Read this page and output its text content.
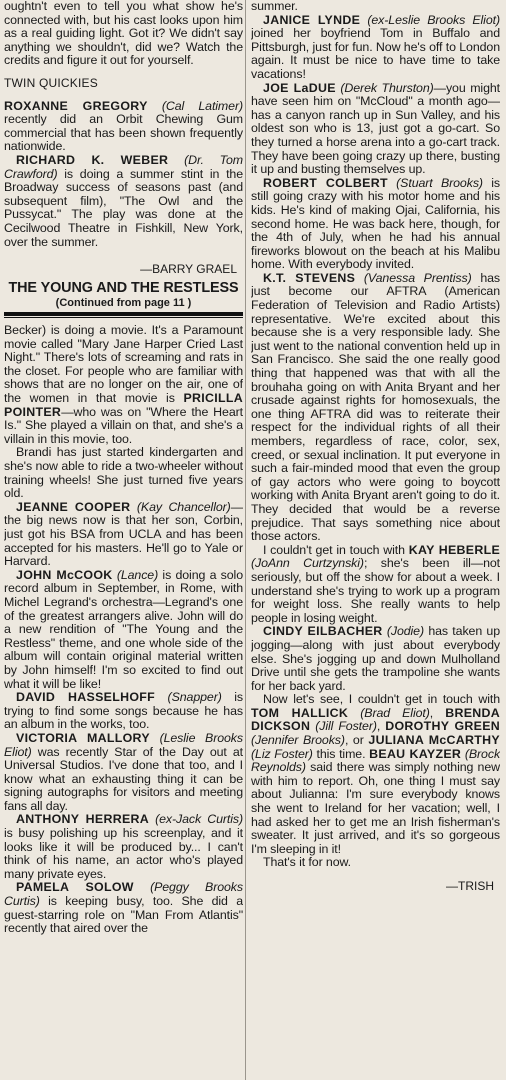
oughtn't even to tell you what show he's connected with, but his cast looks upon him as a real guiding light. Got it? We didn't say anything we shouldn't, did we? Watch the credits and figure it out for yourself.

TWIN QUICKIES

ROXANNE GREGORY (Cal Latimer) recently did an Orbit Chewing Gum commercial that has been shown frequently nationwide.

RICHARD K. WEBER (Dr. Tom Crawford) is doing a summer stint in the Broadway success of seasons past (and subsequent film), "The Owl and the Pussycat." The play was done at the Cecilwood Theatre in Fishkill, New York, over the summer.

—BARRY GRAEL

THE YOUNG AND THE RESTLESS
(Continued from page 11 )

Becker) is doing a movie. It's a Paramount movie called "Mary Jane Harper Cried Last Night." There's lots of screaming and rats in the closet. For people who are familiar with shows that are no longer on the air, one of the women in that movie is PRICILLA POINTER—who was on "Where the Heart Is." She played a villain on that, and she's a villain in this movie, too.

Brandi has just started kindergarten and she's now able to ride a two-wheeler without training wheels! She just turned five years old.

JEANNE COOPER (Kay Chancellor)—the big news now is that her son, Corbin, just got his BSA from UCLA and has been accepted for his masters. He'll go to Yale or Harvard.

JOHN McCOOK (Lance) is doing a solo record album in September, in Rome, with Michel Legrand's orchestra—Legrand's one of the greatest arrangers alive. John will do a new rendition of "The Young and the Restless" theme, and one whole side of the album will contain original material written by John himself! I'm so excited to find out what it will be like!

DAVID HASSELHOFF (Snapper) is trying to find some songs because he has an album in the works, too.

VICTORIA MALLORY (Leslie Brooks Eliot) was recently Star of the Day out at Universal Studios. I've done that too, and I know what an exhausting thing it can be signing autographs for visitors and meeting fans all day.

ANTHONY HERRERA (ex-Jack Curtis) is busy polishing up his screenplay, and it looks like it will be produced by... I can't think of his name, an actor who's played many private eyes.

PAMELA SOLOW (Peggy Brooks Curtis) is keeping busy, too. She did a guest-starring role on "Man From Atlantis" recently that aired over the

summer.

JANICE LYNDE (ex-Leslie Brooks Eliot) joined her boyfriend Tom in Buffalo and Pittsburgh, just for fun. Now he's off to London again. It must be nice to have time to take vacations!

JOE LaDUE (Derek Thurston)—you might have seen him on "McCloud" a month ago—has a canyon ranch up in Sun Valley, and his oldest son who is 13, just got a go-cart. So they turned a horse arena into a go-cart track. They have been going crazy up there, busting it up and busting themselves up.

ROBERT COLBERT (Stuart Brooks) is still going crazy with his motor home and his kids. He's kind of making Ojai, California, his second home. He was back here, though, for the 4th of July, when he had his annual fireworks blowout on the beach at his Malibu home. With everybody invited.

K.T. STEVENS (Vanessa Prentiss) has just become our AFTRA (American Federation of Television and Radio Artists) representative. We're excited about this because she is a very responsible lady. She just went to the national convention held up in San Francisco. She said the one really good thing that happened was that with all the brouhaha going on with Anita Bryant and her crusade against rights for homosexuals, the one thing AFTRA did was to reiterate their respect for the individual rights of all their members, regardless of race, color, sex, creed, or sexual inclination. It put everyone in such a fair-minded mood that even the group of gay actors who were going to boycott working with Anita Bryant aren't going to do it. They decided that would be a reverse prejudice. That says something nice about those actors.

I couldn't get in touch with KAY HEBERLE (JoAnn Curtzynski); she's been ill—not seriously, but off the show for about a week. I understand she's trying to work up a program for weight loss. She really wants to help people in losing weight.

CINDY EILBACHER (Jodie) has taken up jogging—along with just about everybody else. She's jogging up and down Mulholland Drive until she gets the trampoline she wants for her back yard.

Now let's see, I couldn't get in touch with TOM HALLICK (Brad Eliot), BRENDA DICKSON (Jill Foster), DOROTHY GREEN (Jennifer Brooks), or JULIANA McCARTHY (Liz Foster) this time. BEAU KAYZER (Brock Reynolds) said there was simply nothing new with him to report. Oh, one thing I must say about Julianna: I'm sure everybody knows she went to Ireland for her vacation; well, I had asked her to get me an Irish fisherman's sweater. It just arrived, and it's so gorgeous I'm sleeping in it!

That's it for now.

—TRISH
